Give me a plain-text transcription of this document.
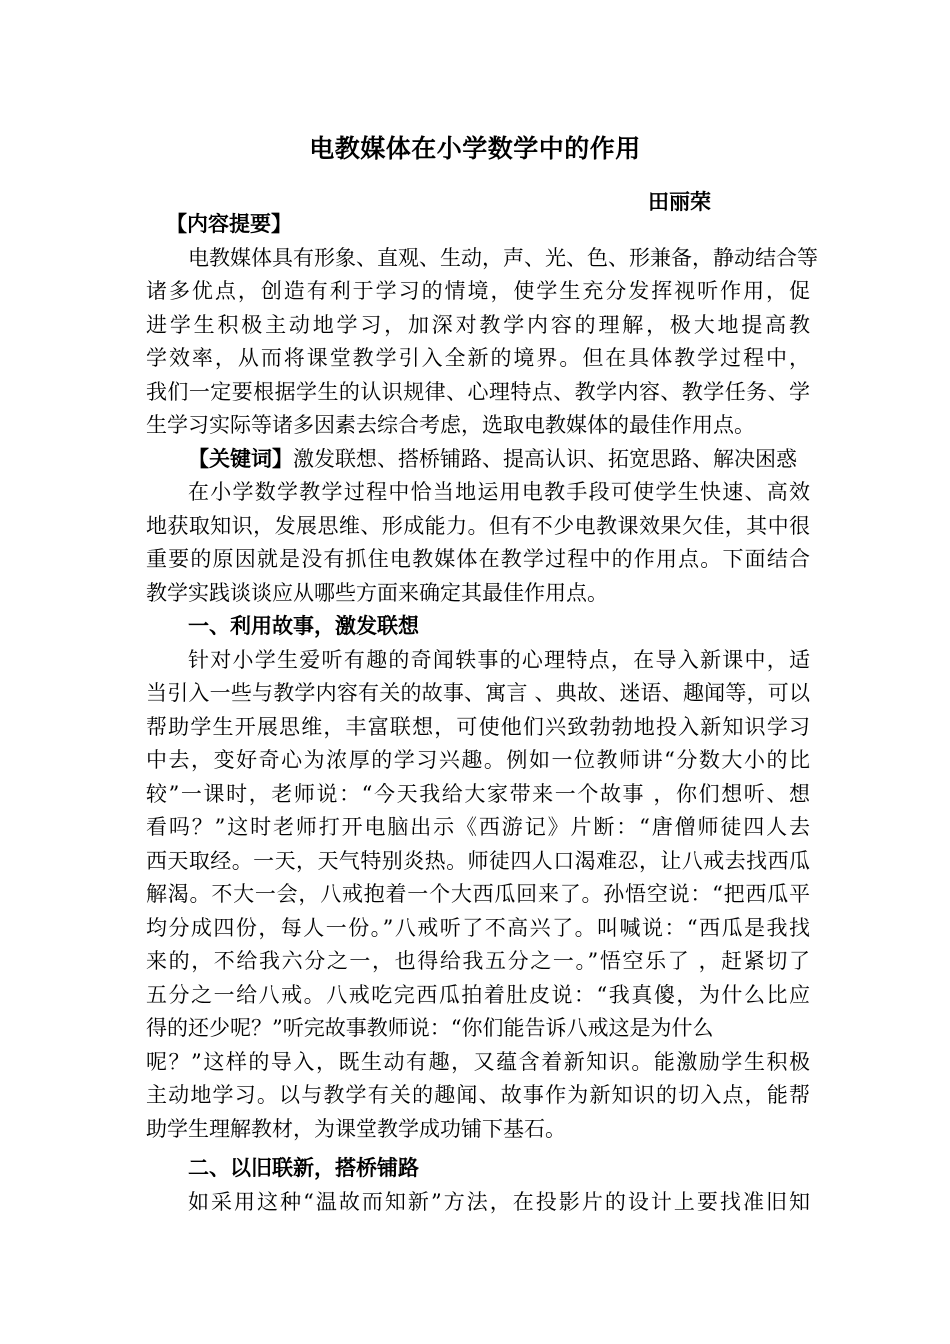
电教媒体在小学数学中的作用
田丽荣
【内容提要】
电教媒体具有形象、直观、生动，声、光、色、形兼备，静动结合等
诸多优点，创造有利于学习的情境，使学生充分发挥视听作用，促
进学生积极主动地学习，加深对教学内容的理解，极大地提高教
学效率，从而将课堂教学引入全新的境界。但在具体教学过程中，
我们一定要根据学生的认识规律、心理特点、教学内容、教学任务、学
生学习实际等诸多因素去综合考虑，选取电教媒体的最佳作用点。
【关键词】激发联想、搭桥铺路、提高认识、拓宽思路、解决困惑
在小学数学教学过程中恰当地运用电教手段可使学生快速、高效
地获取知识，发展思维、形成能力。但有不少电教课效果欠佳，其中很
重要的原因就是没有抓住电教媒体在教学过程中的作用点。下面结合
教学实践谈谈应从哪些方面来确定其最佳作用点。
一、利用故事，激发联想
针对小学生爱听有趣的奇闻轶事的心理特点，在导入新课中，适
当引入一些与教学内容有关的故事、寓言 、典故、迷语、趣闻等，可以
帮助学生开展思维，丰富联想，可使他们兴致勃勃地投入新知识学习
中去，变好奇心为浓厚的学习兴趣。例如一位教师讲“分数大小的比
较”一课时，老师说：“今天我给大家带来一个故事 ，你们想听、想
看吗？”这时老师打开电脑出示《西游记》片断：“唐僧师徒四人去
西天取经。一天，天气特别炎热。师徒四人口渴难忍，让八戒去找西瓜
解渴。不大一会，八戒抱着一个大西瓜回来了。孙悟空说：“把西瓜平
均分成四份，每人一份。”八戒听了不高兴了。叫喊说：“西瓜是我找
来的，不给我六分之一，也得给我五分之一。”悟空乐了 ，赶紧切了
五分之一给八戒。八戒吃完西瓜拍着肚皮说：“我真傻，为什么比应
得的还少呢？”听完故事教师说：“你们能告诉八戒这是为什么
呢？”这样的导入，既生动有趣，又蕴含着新知识。能激励学生积极
主动地学习。以与教学有关的趣闻、故事作为新知识的切入点，能帮
助学生理解教材，为课堂教学成功铺下基石。
二、以旧联新，搭桥铺路
如采用这种“温故而知新”方法，在投影片的设计上要找准旧知
